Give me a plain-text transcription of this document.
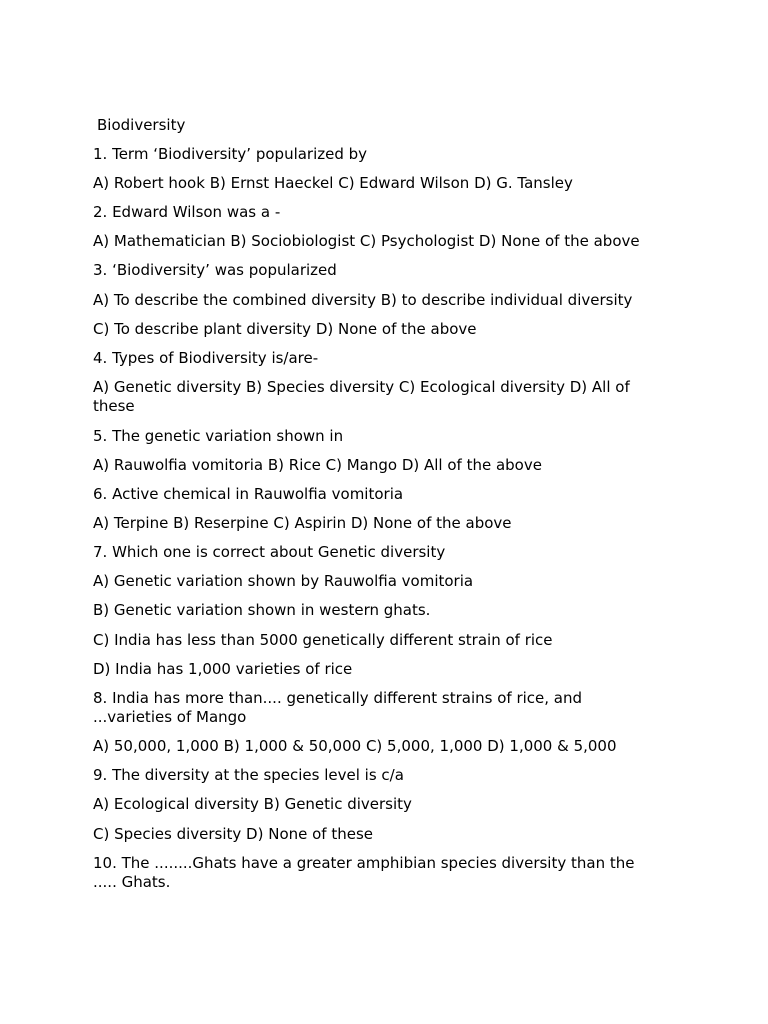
Biodiversity
1. Term ‘Biodiversity’ popularized by
A) Robert hook B) Ernst Haeckel C) Edward Wilson D) G. Tansley
2. Edward Wilson was a -
A) Mathematician B) Sociobiologist C) Psychologist D) None of the above
3. ‘Biodiversity’ was popularized
A) To describe the combined diversity B) to describe individual diversity
C) To describe plant diversity D) None of the above
4. Types of Biodiversity is/are-
A) Genetic diversity B) Species diversity C) Ecological diversity D) All of these
5. The genetic variation shown in
A) Rauwolfia vomitoria B) Rice C) Mango D) All of the above
6. Active chemical in Rauwolfia vomitoria
A) Terpine B) Reserpine C) Aspirin D) None of the above
7. Which one is correct about Genetic diversity
A) Genetic variation shown by Rauwolfia vomitoria
B) Genetic variation shown in western ghats.
C) India has less than 5000 genetically different strain of rice
D) India has 1,000 varieties of rice
8. India has more than.... genetically different strains of rice, and ...varieties of Mango
A) 50,000, 1,000 B) 1,000 & 50,000 C) 5,000, 1,000 D) 1,000 & 5,000
9. The diversity at the species level is c/a
A) Ecological diversity B) Genetic diversity
C) Species diversity D) None of these
10. The ........Ghats have a greater amphibian species diversity than the ..... Ghats.
